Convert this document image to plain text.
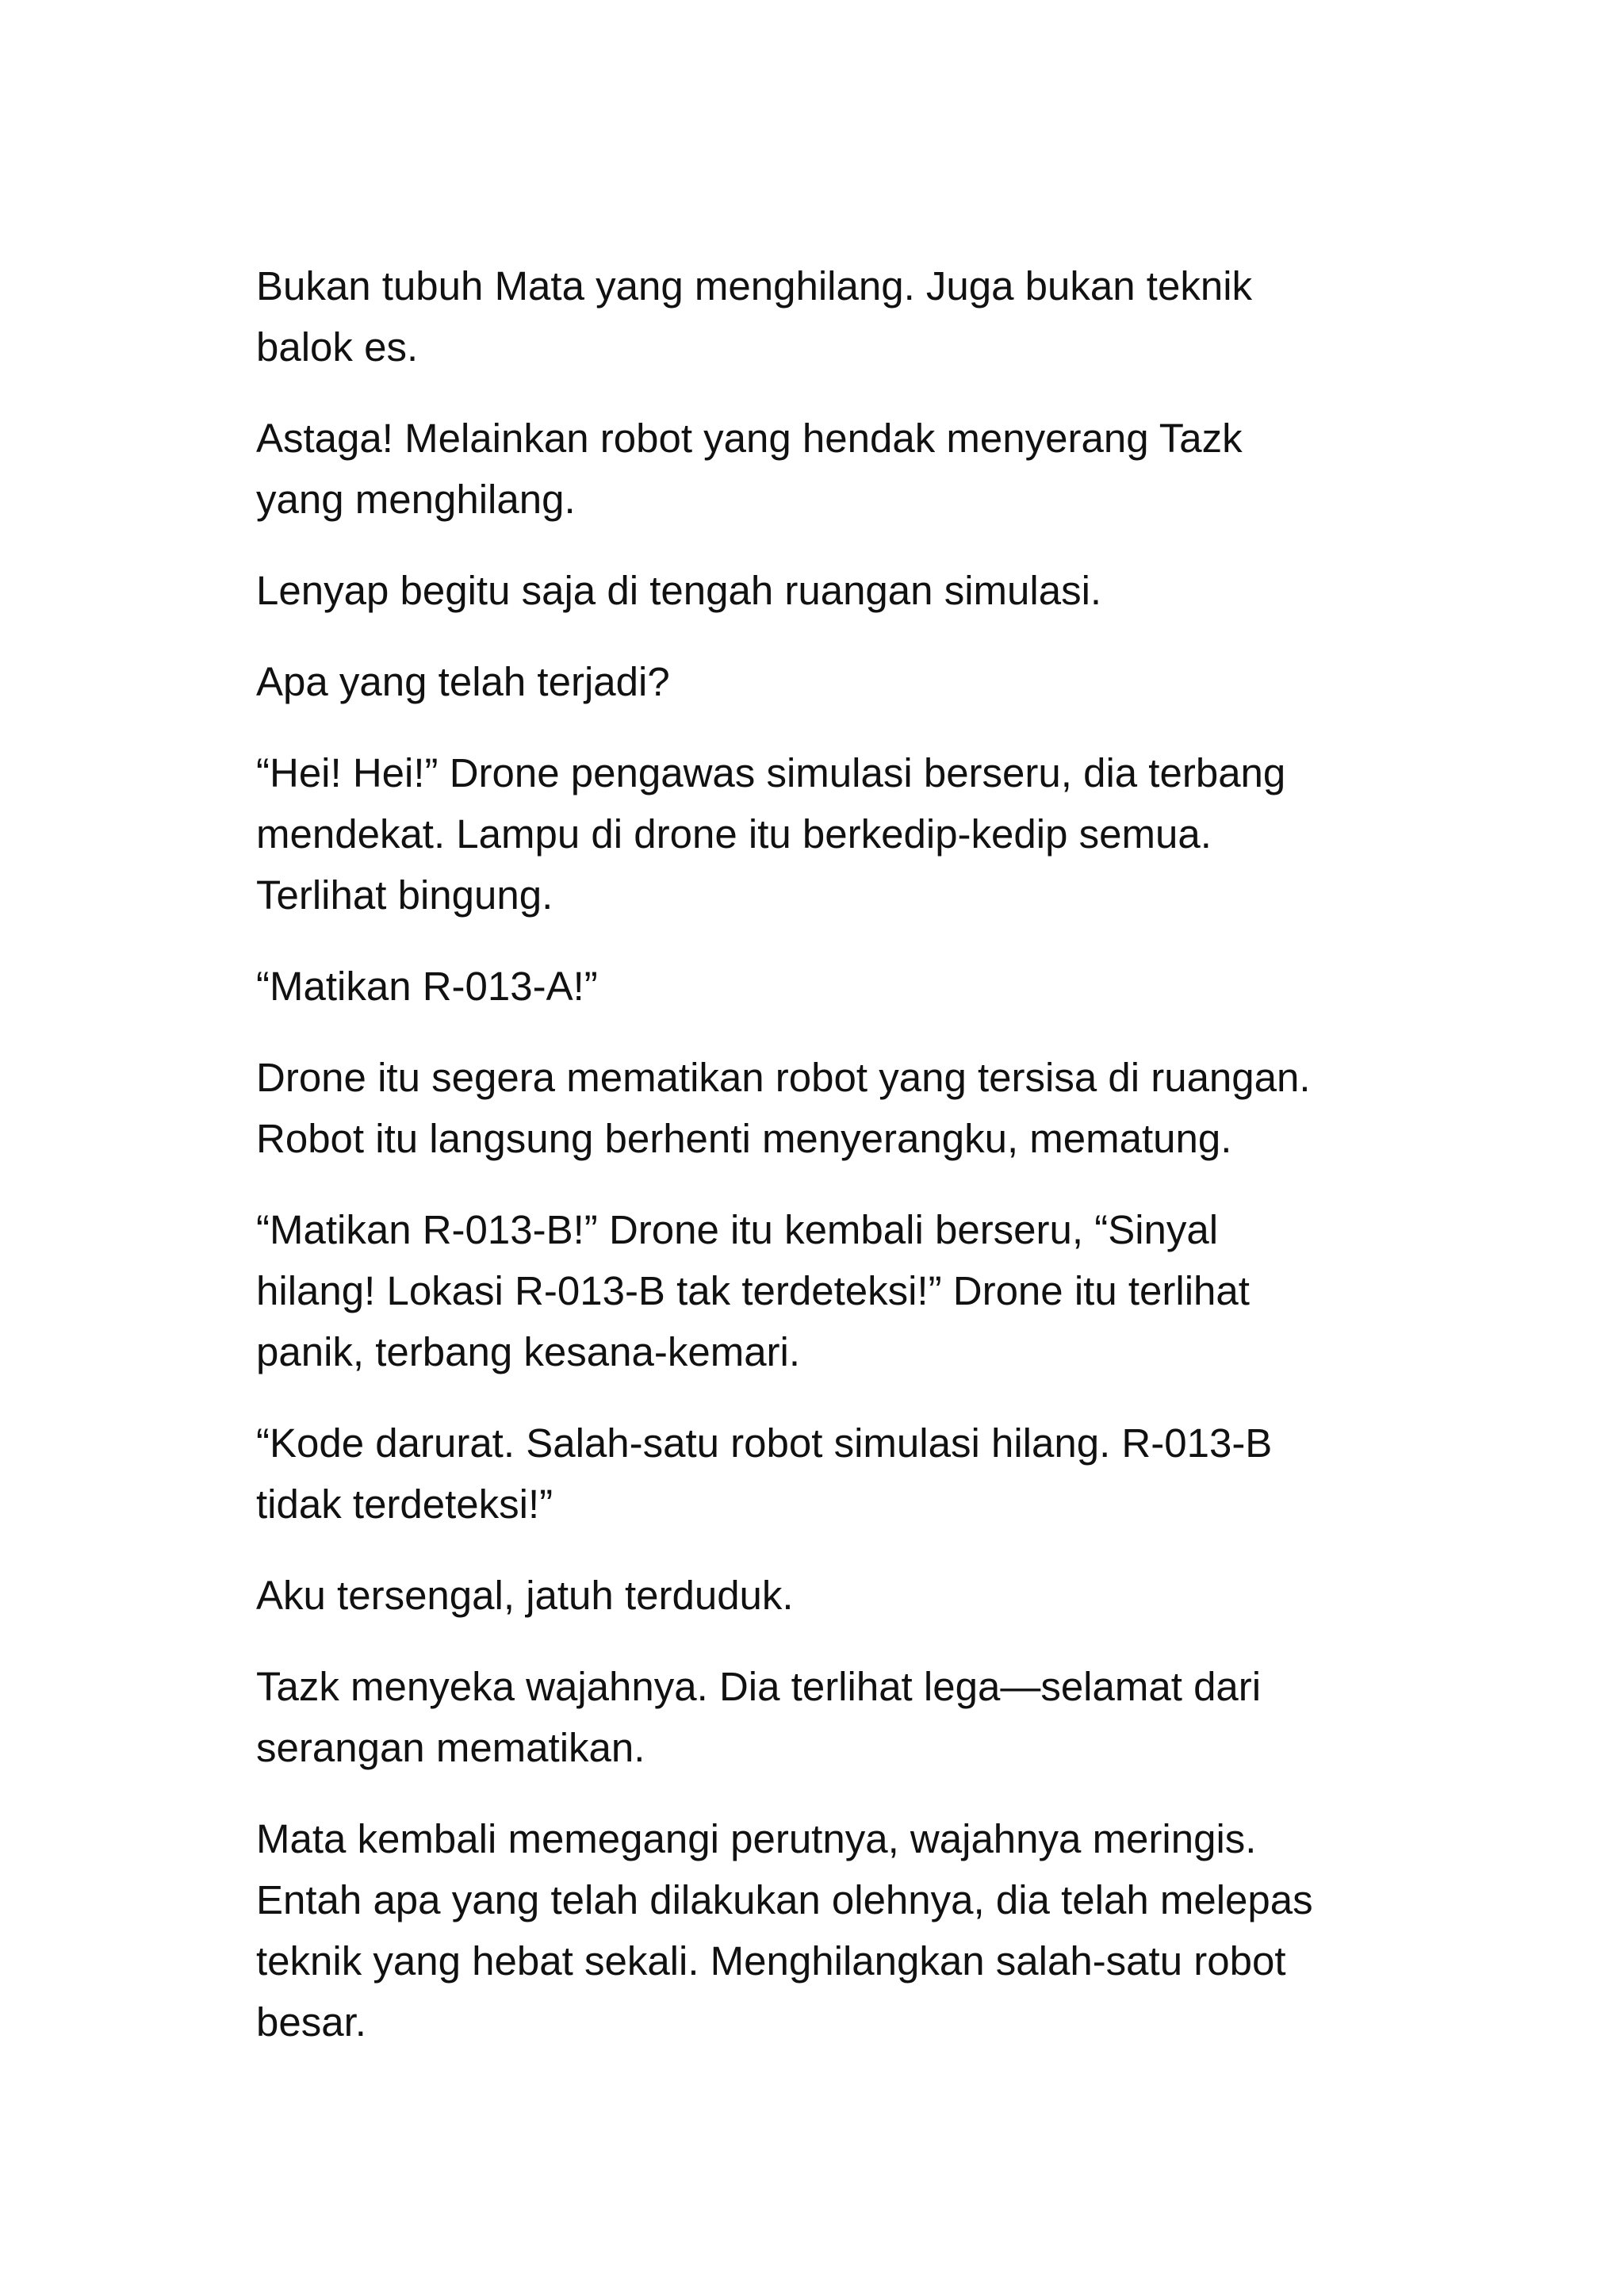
Bukan tubuh Mata yang menghilang. Juga bukan teknik
balok es.

Astaga! Melainkan robot yang hendak menyerang Tazk
yang menghilang.

Lenyap begitu saja di tengah ruangan simulasi.

Apa yang telah terjadi?

“Hei! Hei!” Drone pengawas simulasi berseru, dia terbang
mendekat. Lampu di drone itu berkedip-kedip semua.
Terlihat bingung.

“Matikan R-013-A!”

Drone itu segera mematikan robot yang tersisa di ruangan.
Robot itu langsung berhenti menyerangku, mematung.

“Matikan R-013-B!” Drone itu kembali berseru, “Sinyal
hilang! Lokasi R-013-B tak terdeteksi!” Drone itu terlihat
panik, terbang kesana-kemari.

“Kode darurat. Salah-satu robot simulasi hilang. R-013-B
tidak terdeteksi!”

Aku tersengal, jatuh terduduk.

Tazk menyeka wajahnya. Dia terlihat lega—selamat dari
serangan mematikan.

Mata kembali memegangi perutnya, wajahnya meringis.
Entah apa yang telah dilakukan olehnya, dia telah melepas
teknik yang hebat sekali. Menghilangkan salah-satu robot
besar.
